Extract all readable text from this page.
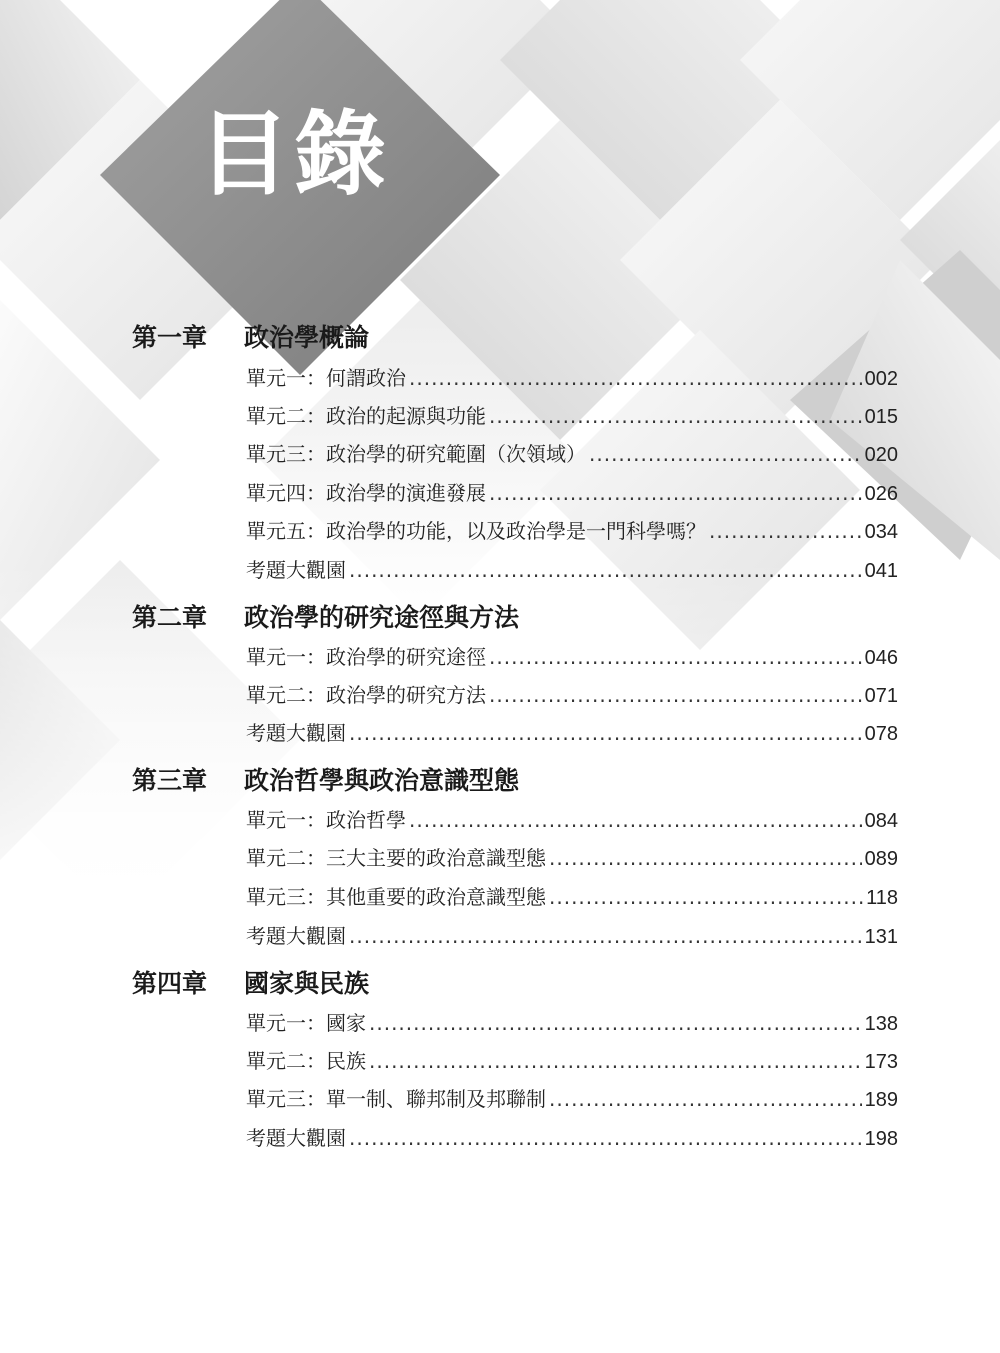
目錄
第一章 政治學概論
單元一：何謂政治 .....	002
單元二：政治的起源與功能 .....	015
單元三：政治學的研究範圍（次領域） .....	020
單元四：政治學的演進發展 .....	026
單元五：政治學的功能，以及政治學是一門科學嗎？ .....	034
考題大觀園 .....	041
第二章 政治學的研究途徑與方法
單元一：政治學的研究途徑 .....	046
單元二：政治學的研究方法 .....	071
考題大觀園 .....	078
第三章 政治哲學與政治意識型態
單元一：政治哲學 .....	084
單元二：三大主要的政治意識型態 .....	089
單元三：其他重要的政治意識型態 .....	118
考題大觀園 .....	131
第四章 國家與民族
單元一：國家 .....	138
單元二：民族 .....	173
單元三：單一制、聯邦制及邦聯制 .....	189
考題大觀園 .....	198
